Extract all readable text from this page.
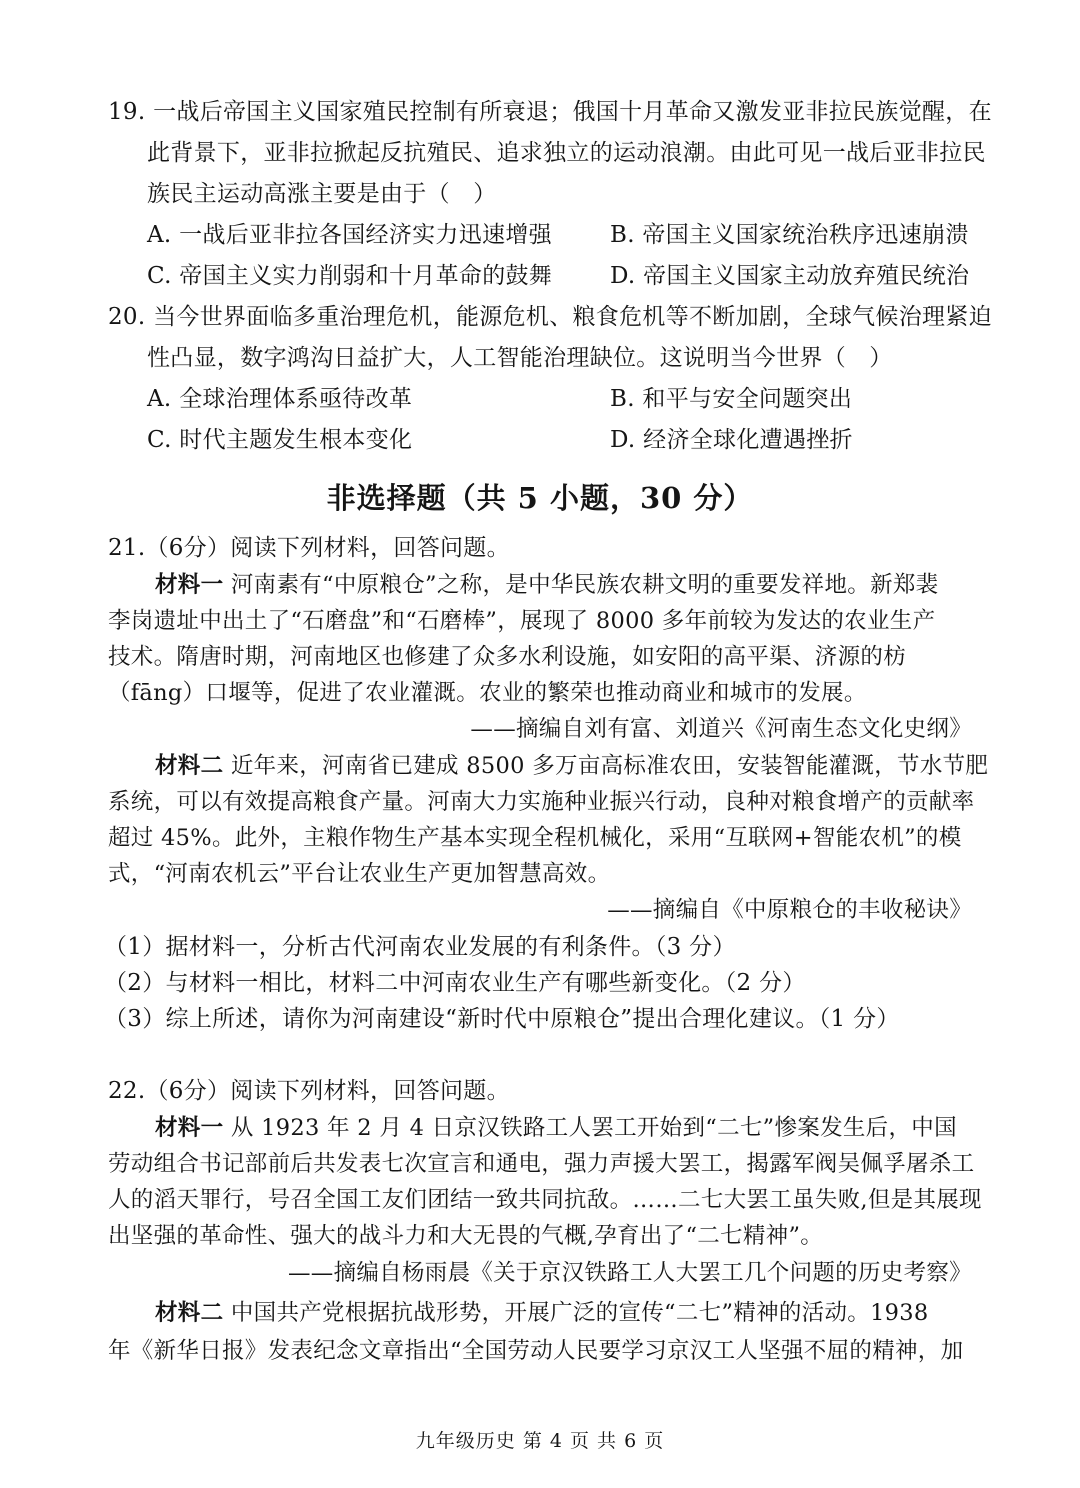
19. 一战后帝国主义国家殖民控制有所衰退；俄国十月革命又激发亚非拉民族觉醒，在
此背景下，亚非拉掀起反抗殖民、追求独立的运动浪潮。由此可见一战后亚非拉民
族民主运动高涨主要是由于（　）
A. 一战后亚非拉各国经济实力迅速增强	B. 帝国主义国家统治秩序迅速崩溃
C. 帝国主义实力削弱和十月革命的鼓舞	D. 帝国主义国家主动放弃殖民统治
20. 当今世界面临多重治理危机，能源危机、粮食危机等不断加剧，全球气候治理紧迫
性凸显，数字鸿沟日益扩大，人工智能治理缺位。这说明当今世界（　）
A. 全球治理体系亟待改革	B. 和平与安全问题突出
C. 时代主题发生根本变化	D. 经济全球化遭遇挫折
非选择题（共 5 小题，30 分）
21.（6分）阅读下列材料，回答问题。
材料一 河南素有“中原粮仓”之称，是中华民族农耕文明的重要发祥地。新郑裴
李岗遗址中出土了“石磨盘”和“石磨棒”，展现了 8000 多年前较为发达的农业生产
技术。隋唐时期，河南地区也修建了众多水利设施，如安阳的高平渠、济源的枋
（fāng）口堰等，促进了农业灌溉。农业的繁荣也推动商业和城市的发展。
——摘编自刘有富、刘道兴《河南生态文化史纲》
材料二 近年来，河南省已建成 8500 多万亩高标准农田，安装智能灌溉，节水节肥
系统，可以有效提高粮食产量。河南大力实施种业振兴行动，良种对粮食增产的贡献率
超过 45%。此外，主粮作物生产基本实现全程机械化，采用“互联网+智能农机”的模
式，“河南农机云”平台让农业生产更加智慧高效。
——摘编自《中原粮仓的丰收秘诀》
（1）据材料一，分析古代河南农业发展的有利条件。（3 分）
（2）与材料一相比，材料二中河南农业生产有哪些新变化。（2 分）
（3）综上所述，请你为河南建设“新时代中原粮仓”提出合理化建议。（1 分）
22.（6分）阅读下列材料，回答问题。
材料一 从 1923 年 2 月 4 日京汉铁路工人罢工开始到“二七”惨案发生后，中国
劳动组合书记部前后共发表七次宣言和通电，强力声援大罢工，揭露军阀吴佩孚屠杀工
人的滔天罪行，号召全国工友们团结一致共同抗敌。……二七大罢工虽失败,但是其展现
出坚强的革命性、强大的战斗力和大无畏的气概,孕育出了“二七精神”。
——摘编自杨雨晨《关于京汉铁路工人大罢工几个问题的历史考察》
材料二 中国共产党根据抗战形势，开展广泛的宣传“二七”精神的活动。1938
年《新华日报》发表纪念文章指出“全国劳动人民要学习京汉工人坚强不屈的精神，加
九年级历史 第 4 页 共 6 页
